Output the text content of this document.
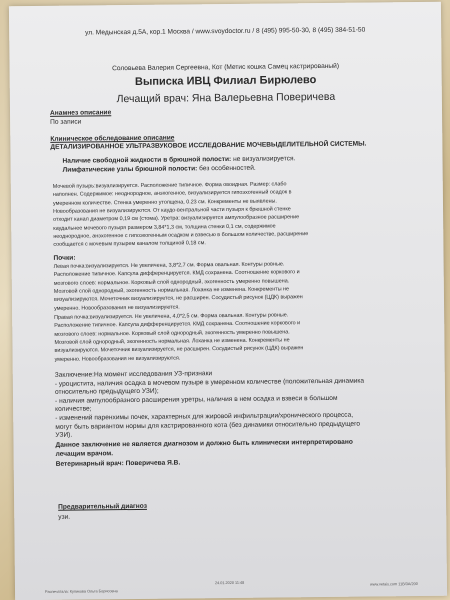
ул. Медынская д.5А, кор.1 Москва / www.svoydoctor.ru / 8 (495) 995-50-30, 8 (495) 384-51-50
Соловьева Валерия Сергеевна, Кот (Метис кошка Самец кастрированый)
Выписка ИВЦ Филиал Бирюлево
Лечащий врач: Яна Валерьевна Поверичева
Анамнез описание
По записи
Клиническое обследование описание
ДЕТАЛИЗИРОВАННОЕ УЛЬТРАЗВУКОВОЕ ИССЛЕДОВАНИЕ МОЧЕВЫДЕЛИТЕЛЬНОЙ СИСТЕМЫ.
Наличие свободной жидкости в брюшной полости: не визуализируется.
Лимфатические узлы брюшной полости: без особенностей.
Мочевой пузырь:визуализируется. Расположение типичное. Форма овоидная. Размер: слабо
наполнен. Содержимое: неоднородное, анэхогенное, визуализируется гипоэхогенный осадок в
умеренном количестве. Стенка умеренно утолщена, 0.23 см. Конкременты не выявлены.
Новообразования не визуализируются. От каудо-вентральной части пузыря к брюшной стенке
отходит канал диаметром 0,19 см (стома). Уретра: визуализируется ампулообразное расширение
каудальнее мочевого пузыря размером 3,84*1,3 см, толщина стенки 0,1 см, содержимое
неоднородное, анэхогенное с гипоэхогенным осадком и взвесью в большом количестве, расширение
сообщается с мочевым пузырем каналом толщиной 0,18 см.
Почки:
Левая почка:визуализируется. Не увеличена, 3,8*2,7 см. Форма овальная. Контуры ровные.
Расположение типичное. Капсула дифференцируется. КМД сохранена. Соотношение коркового и
мозгового слоев: нормальное. Корковый слой однородный, эхогенность умеренно повышена.
Мозговой слой однородный, эхогенность нормальная. Лоханка не изменена. Конкременты не
визуализируются. Мочеточник визуализируется, не расширен. Сосудистый рисунок (ЦДК) выражен
умеренно. Новообразования не визуализируются.
Правая почка:визуализируется. Не увеличена, 4,0*2,5 см. Форма овальная. Контуры ровные.
Расположение типичное. Капсула дифференцируется. КМД сохранена. Соотношение коркового и
мозгового слоев: нормальное. Корковый слой однородный, эхогенность умеренно повышена.
Мозговой слой однородный, эхогенность нормальная. Лоханка не изменена. Конкременты не
визуализируются. Мочеточник визуализируется, не расширен. Сосудистый рисунок (ЦДК) выражен
умеренно. Новообразования не визуализируются.
Заключение:На момент исследования УЗ-признаки
- уроцистита, наличия осадка в мочевом пузыре в умеренном количестве (положительная динамика
относительно предыдущего УЗИ);
- наличия ампулообразного расширения уретры, наличия в нем осадка и взвеси в большом
количестве;
- изменений паренхимы почек, характерных для жировой инфильтрации/хронического процесса,
могут быть вариантом нормы для кастрированного кота (без динамики относительно предыдущего
УЗИ).
Данное заключение не является диагнозом и должно быть клинически интерпретировано
лечащим врачом.
Ветеринарный врач: Поверичева Я.В.
Предварительный диагноз
узи.
Распечатала: Куликова Ольга Борисовна
24.01.2020 11:48	www.vetais.com 11B/3A/200
